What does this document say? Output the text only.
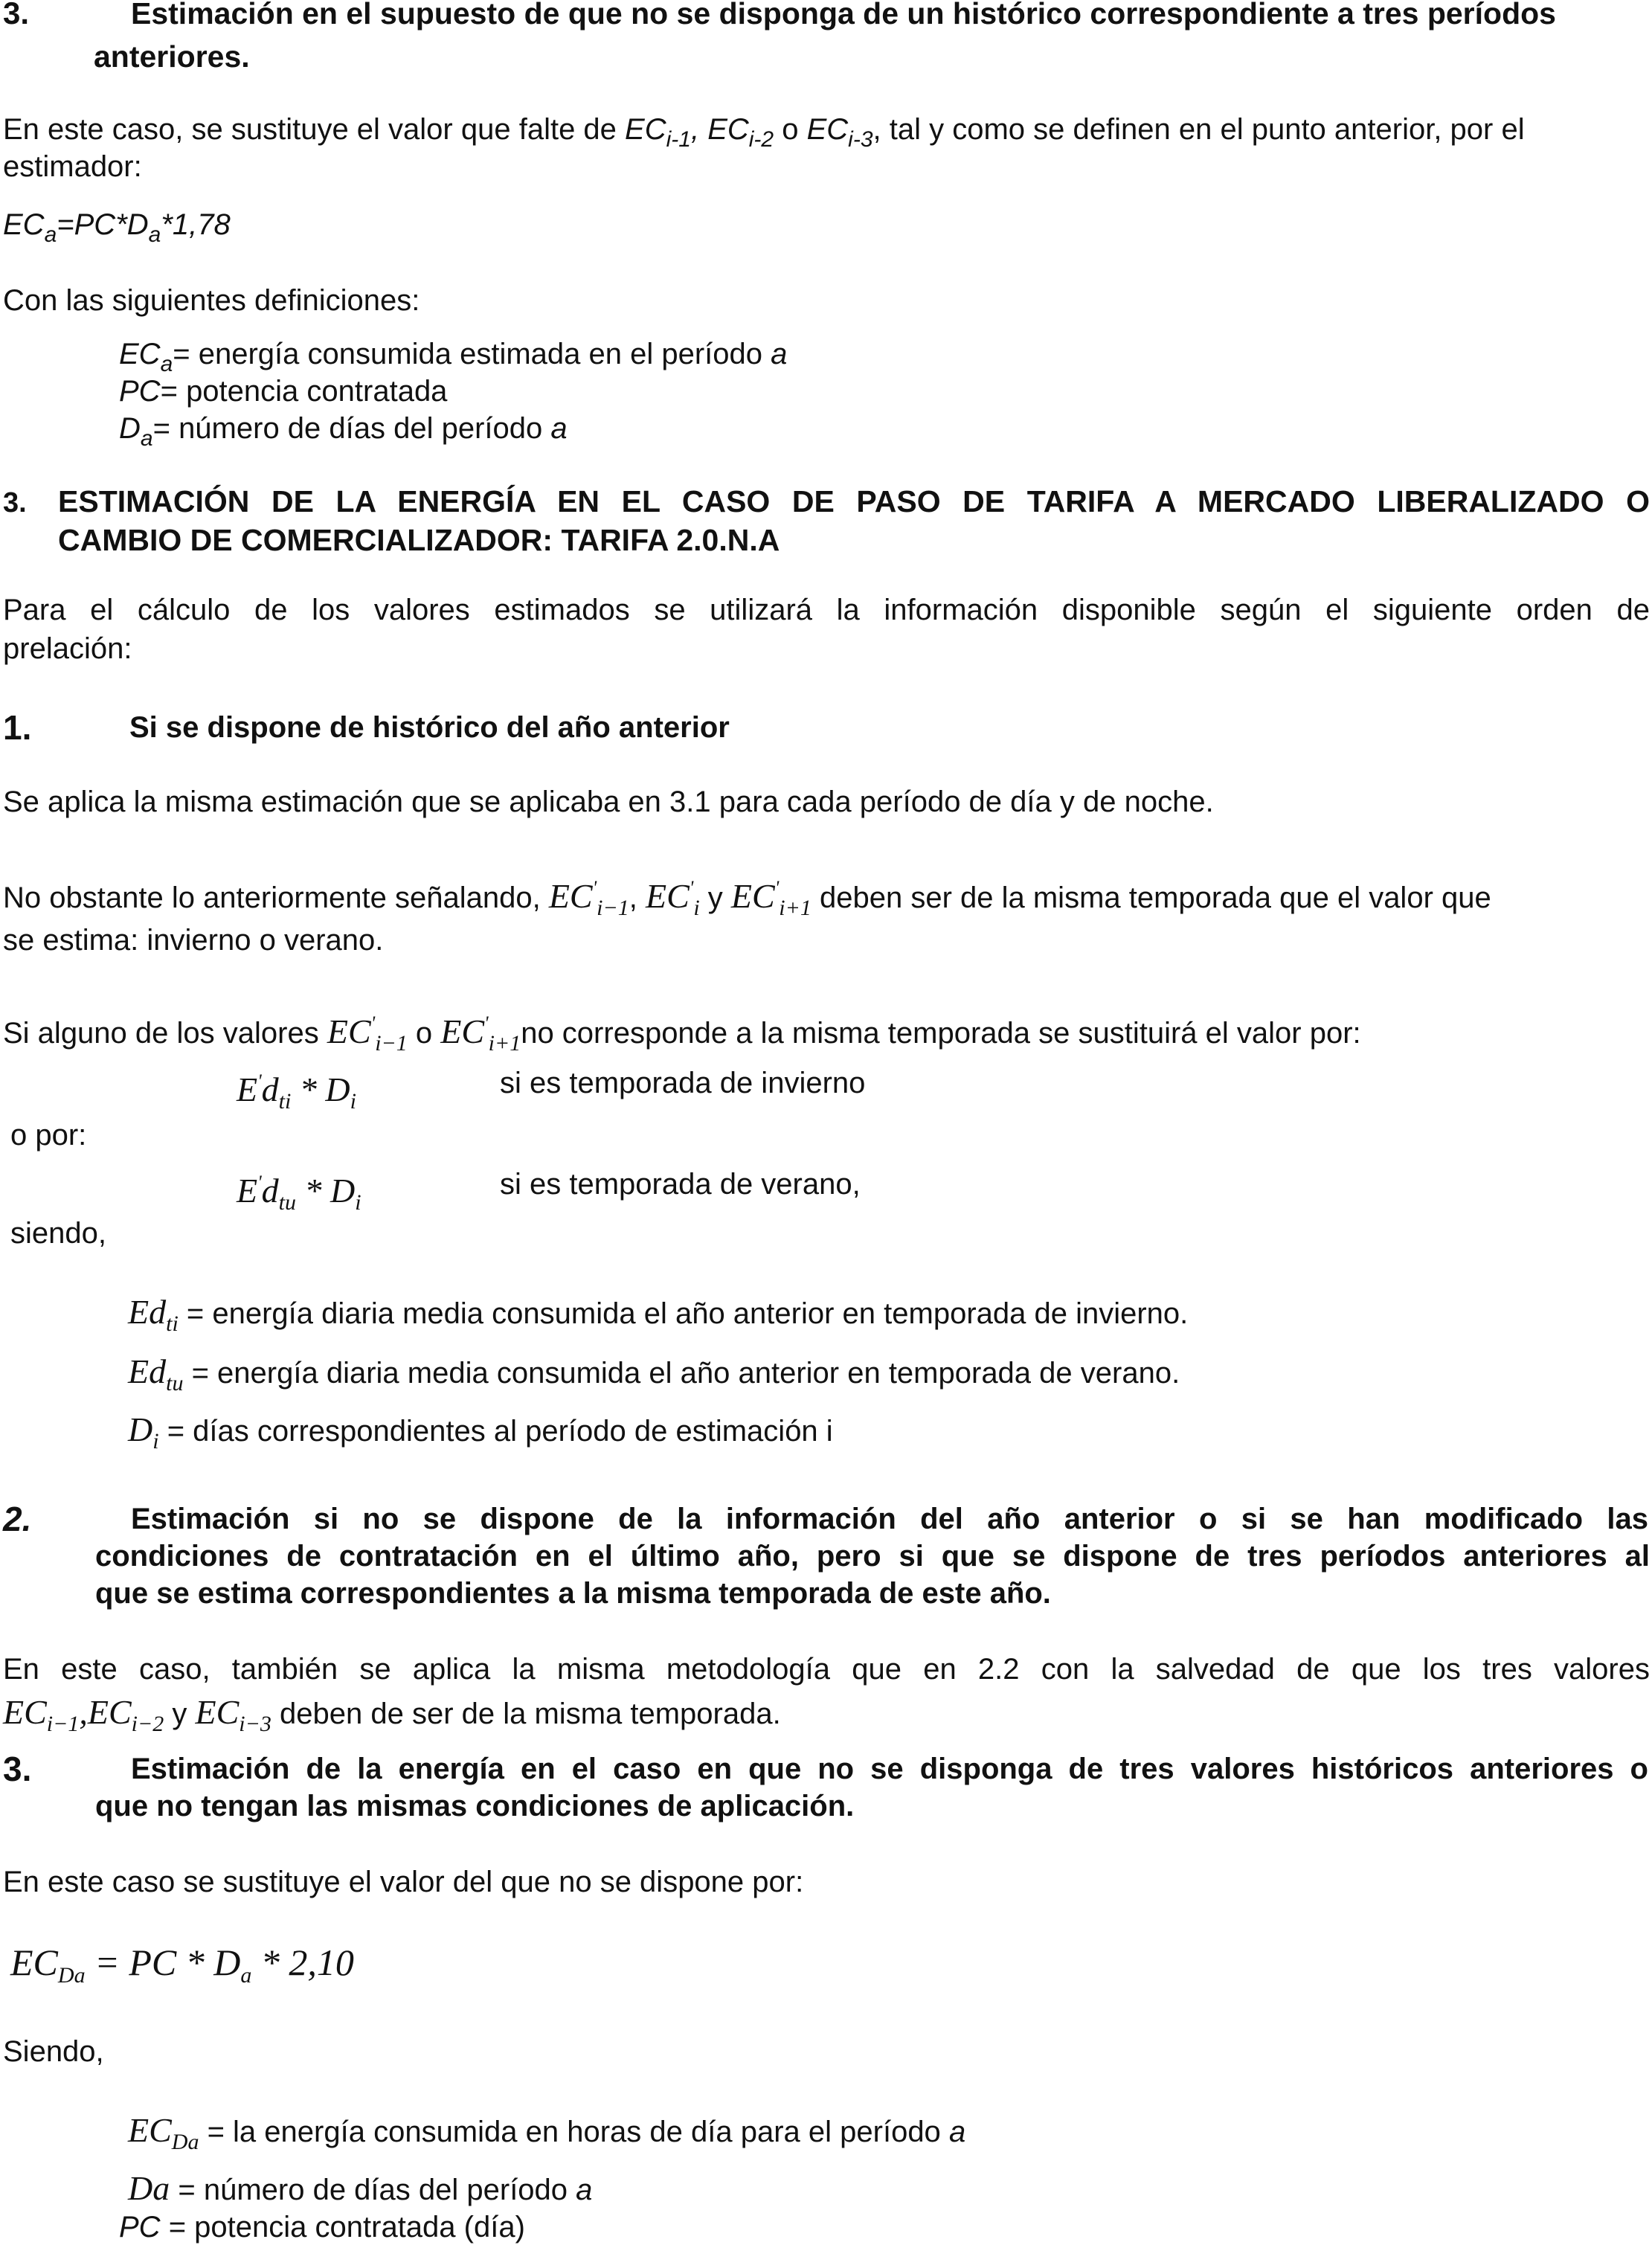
3.	Estimación en el supuesto de que no se disponga de un histórico correspondiente a tres períodos
anteriores.
En este caso, se sustituye el valor que falte de $EC_{i-1}$, $EC_{i-2}$ o $EC_{i-3}$, tal y como se definen en el punto anterior, por el
estimador:
$EC_a=PC*D_a*1,78$
Con las siguientes definiciones:
$EC_a=$ energía consumida estimada en el período a
PC= potencia contratada
$D_a=$ número de días del período a
3. ESTIMACIÓN DE LA ENERGÍA EN EL CASO DE PASO DE TARIFA A MERCADO LIBERALIZADO O
CAMBIO DE COMERCIALIZADOR: TARIFA 2.0.N.A
Para el cálculo de los valores estimados se utilizará la información disponible según el siguiente orden de
prelación:
1.	Si se dispone de histórico del año anterior
Se aplica la misma estimación que se aplicaba en 3.1 para cada período de día y de noche.
No obstante lo anteriormente señalando, $EC'_{i-1}$, $EC'_i$ y $EC'_{i+1}$ deben ser de la misma temporada que el valor que
se estima: invierno o verano.
Si alguno de los valores $EC'_{i-1}$ o $EC'_{i+1}no$ corresponde a la misma temporada se sustituirá el valor por:
$E'd_{ti} * D_i$
si es temporada de invierno
o por:
$E'd_{tu} * D_i$
si es temporada de verano,
siendo,
$Ed_{ti}$ = energía diaria media consumida el año anterior en temporada de invierno.
$Ed_{tu}$ = energía diaria media consumida el año anterior en temporada de verano.
$D_i$ = días correspondientes al período de estimación i
2.	Estimación si no se dispone de la información del año anterior o si se han modificado las
condiciones de contratación en el último año, pero si que se dispone de tres períodos anteriores al
que se estima correspondientes a la misma temporada de este año.
En este caso, también se aplica la misma metodología que en 2.2 con la salvedad de que los tres valores
$EC_{i-1},EC_{i-2}$ y $EC_{i-3}$ deben de ser de la misma temporada.
3.	Estimación de la energía en el caso en que no se disponga de tres valores históricos anteriores o
que no tengan las mismas condiciones de aplicación.
En este caso se sustituye el valor del que no se dispone por:
$EC_{Da}$ = PC * $D_a * 2,10$
Siendo,
$EC_{Da}$ = la energía consumida en horas de día para el período a
Da = número de días del período a
PC = potencia contratada (día)
